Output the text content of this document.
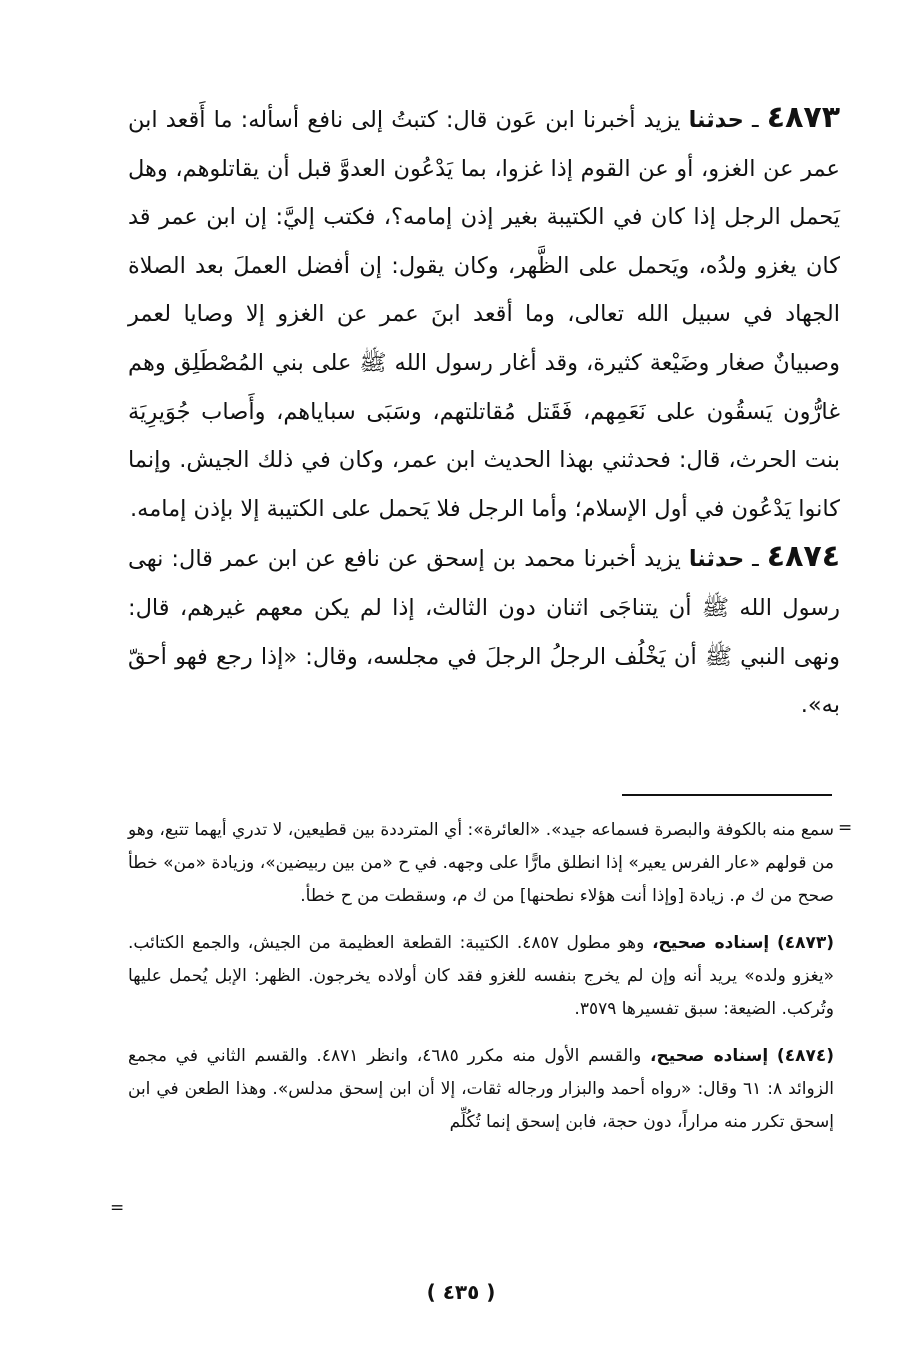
٤٨٧٣ ـ حدثنا يزيد أخبرنا ابن عَون قال: كتبتُ إلى نافع أسأله: ما أَقعد ابن عمر عن الغزو، أو عن القوم إذا غزوا، بما يَدْعُون العدوَّ قبل أن يقاتلوهم، وهل يَحمل الرجل إذا كان في الكتيبة بغير إذن إمامه؟، فكتب إليَّ: إن ابن عمر قد كان يغزو ولدُه، ويَحمل على الظَّهر، وكان يقول: إن أفضل العملَ بعد الصلاة الجهاد في سبيل الله تعالى، وما أقعد ابنَ عمر عن الغزو إلا وصايا لعمر وصبيانٌ صغار وضَيْعة كثيرة، وقد أغار رسول الله ﷺ على بني المُصْطَلِق وهم غارُّون يَسقُون على نَعَمِهم، فَقَتل مُقاتلتهم، وسَبَى سباياهم، وأَصاب جُوَيرِيَة بنت الحرث، قال: فحدثني بهذا الحديث ابن عمر، وكان في ذلك الجيش. وإنما كانوا يَدْعُون في أول الإسلام؛ وأما الرجل فلا يَحمل على الكتيبة إلا بإذن إمامه.

٤٨٧٤ ـ حدثنا يزيد أخبرنا محمد بن إسحق عن نافع عن ابن عمر قال: نهى رسول الله ﷺ أن يتناجَى اثنان دون الثالث، إذا لم يكن معهم غيرهم، قال: ونهى النبي ﷺ أن يَخْلُف الرجلُ الرجلَ في مجلسه، وقال: «إذا رجع فهو أحقّ به».

=

سمع منه بالكوفة والبصرة فسماعه جيد». «العائرة»: أي المترددة بين قطيعين، لا تدري أيهما تتبع، وهو من قولهم «عار الفرس يعير» إذا انطلق مارًّا على وجهه. في ح «من بين ربيضين»، وزيادة «من» خطأ صحح من ك م. زيادة [وإذا أنت هؤلاء نطحنها] من ك م، وسقطت من ح خطأ.

(٤٨٧٣) إسناده صحيح، وهو مطول ٤٨٥٧. الكتيبة: القطعة العظيمة من الجيش، والجمع الكتائب. «يغزو ولده» يريد أنه وإن لم يخرج بنفسه للغزو فقد كان أولاده يخرجون. الظهر: الإبل يُحمل عليها وتُركب. الضيعة: سبق تفسيرها ٣٥٧٩.

(٤٨٧٤) إسناده صحيح، والقسم الأول منه مكرر ٤٦٨٥، وانظر ٤٨٧١. والقسم الثاني في مجمع الزوائد ٨: ٦١ وقال: «رواه أحمد والبزار ورجاله ثقات، إلا أن ابن إسحق مدلس». وهذا الطعن في ابن إسحق تكرر منه مراراً، دون حجة، فابن إسحق إنما تُكُلِّم

=
( ٤٣٥ )
